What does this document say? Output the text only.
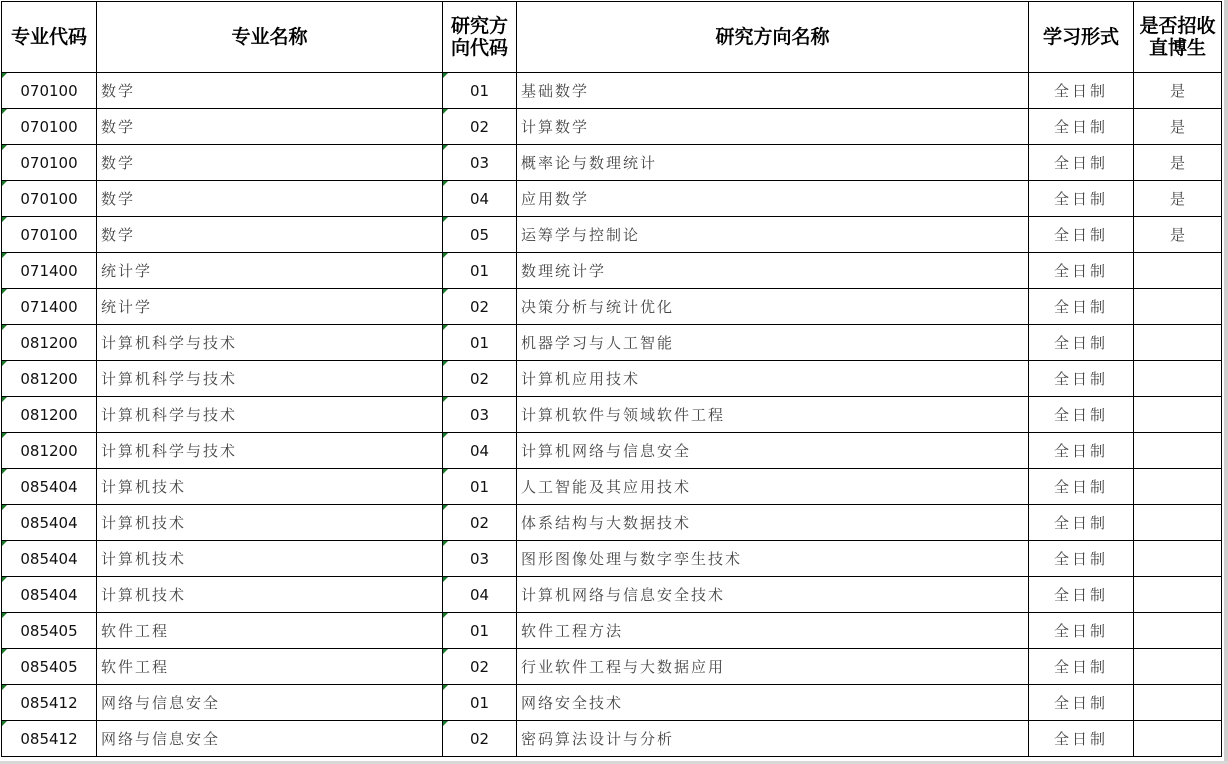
专业代码	专业名称	研究方向代码	研究方向名称	学习形式	是否招收直博生
070100	数学	01	基础数学	全日制	是
070100	数学	02	计算数学	全日制	是
070100	数学	03	概率论与数理统计	全日制	是
070100	数学	04	应用数学	全日制	是
070100	数学	05	运筹学与控制论	全日制	是
071400	统计学	01	数理统计学	全日制	
071400	统计学	02	决策分析与统计优化	全日制	
081200	计算机科学与技术	01	机器学习与人工智能	全日制	
081200	计算机科学与技术	02	计算机应用技术	全日制	
081200	计算机科学与技术	03	计算机软件与领域软件工程	全日制	
081200	计算机科学与技术	04	计算机网络与信息安全	全日制	
085404	计算机技术	01	人工智能及其应用技术	全日制	
085404	计算机技术	02	体系结构与大数据技术	全日制	
085404	计算机技术	03	图形图像处理与数字孪生技术	全日制	
085404	计算机技术	04	计算机网络与信息安全技术	全日制	
085405	软件工程	01	软件工程方法	全日制	
085405	软件工程	02	行业软件工程与大数据应用	全日制	
085412	网络与信息安全	01	网络安全技术	全日制	
085412	网络与信息安全	02	密码算法设计与分析	全日制	
